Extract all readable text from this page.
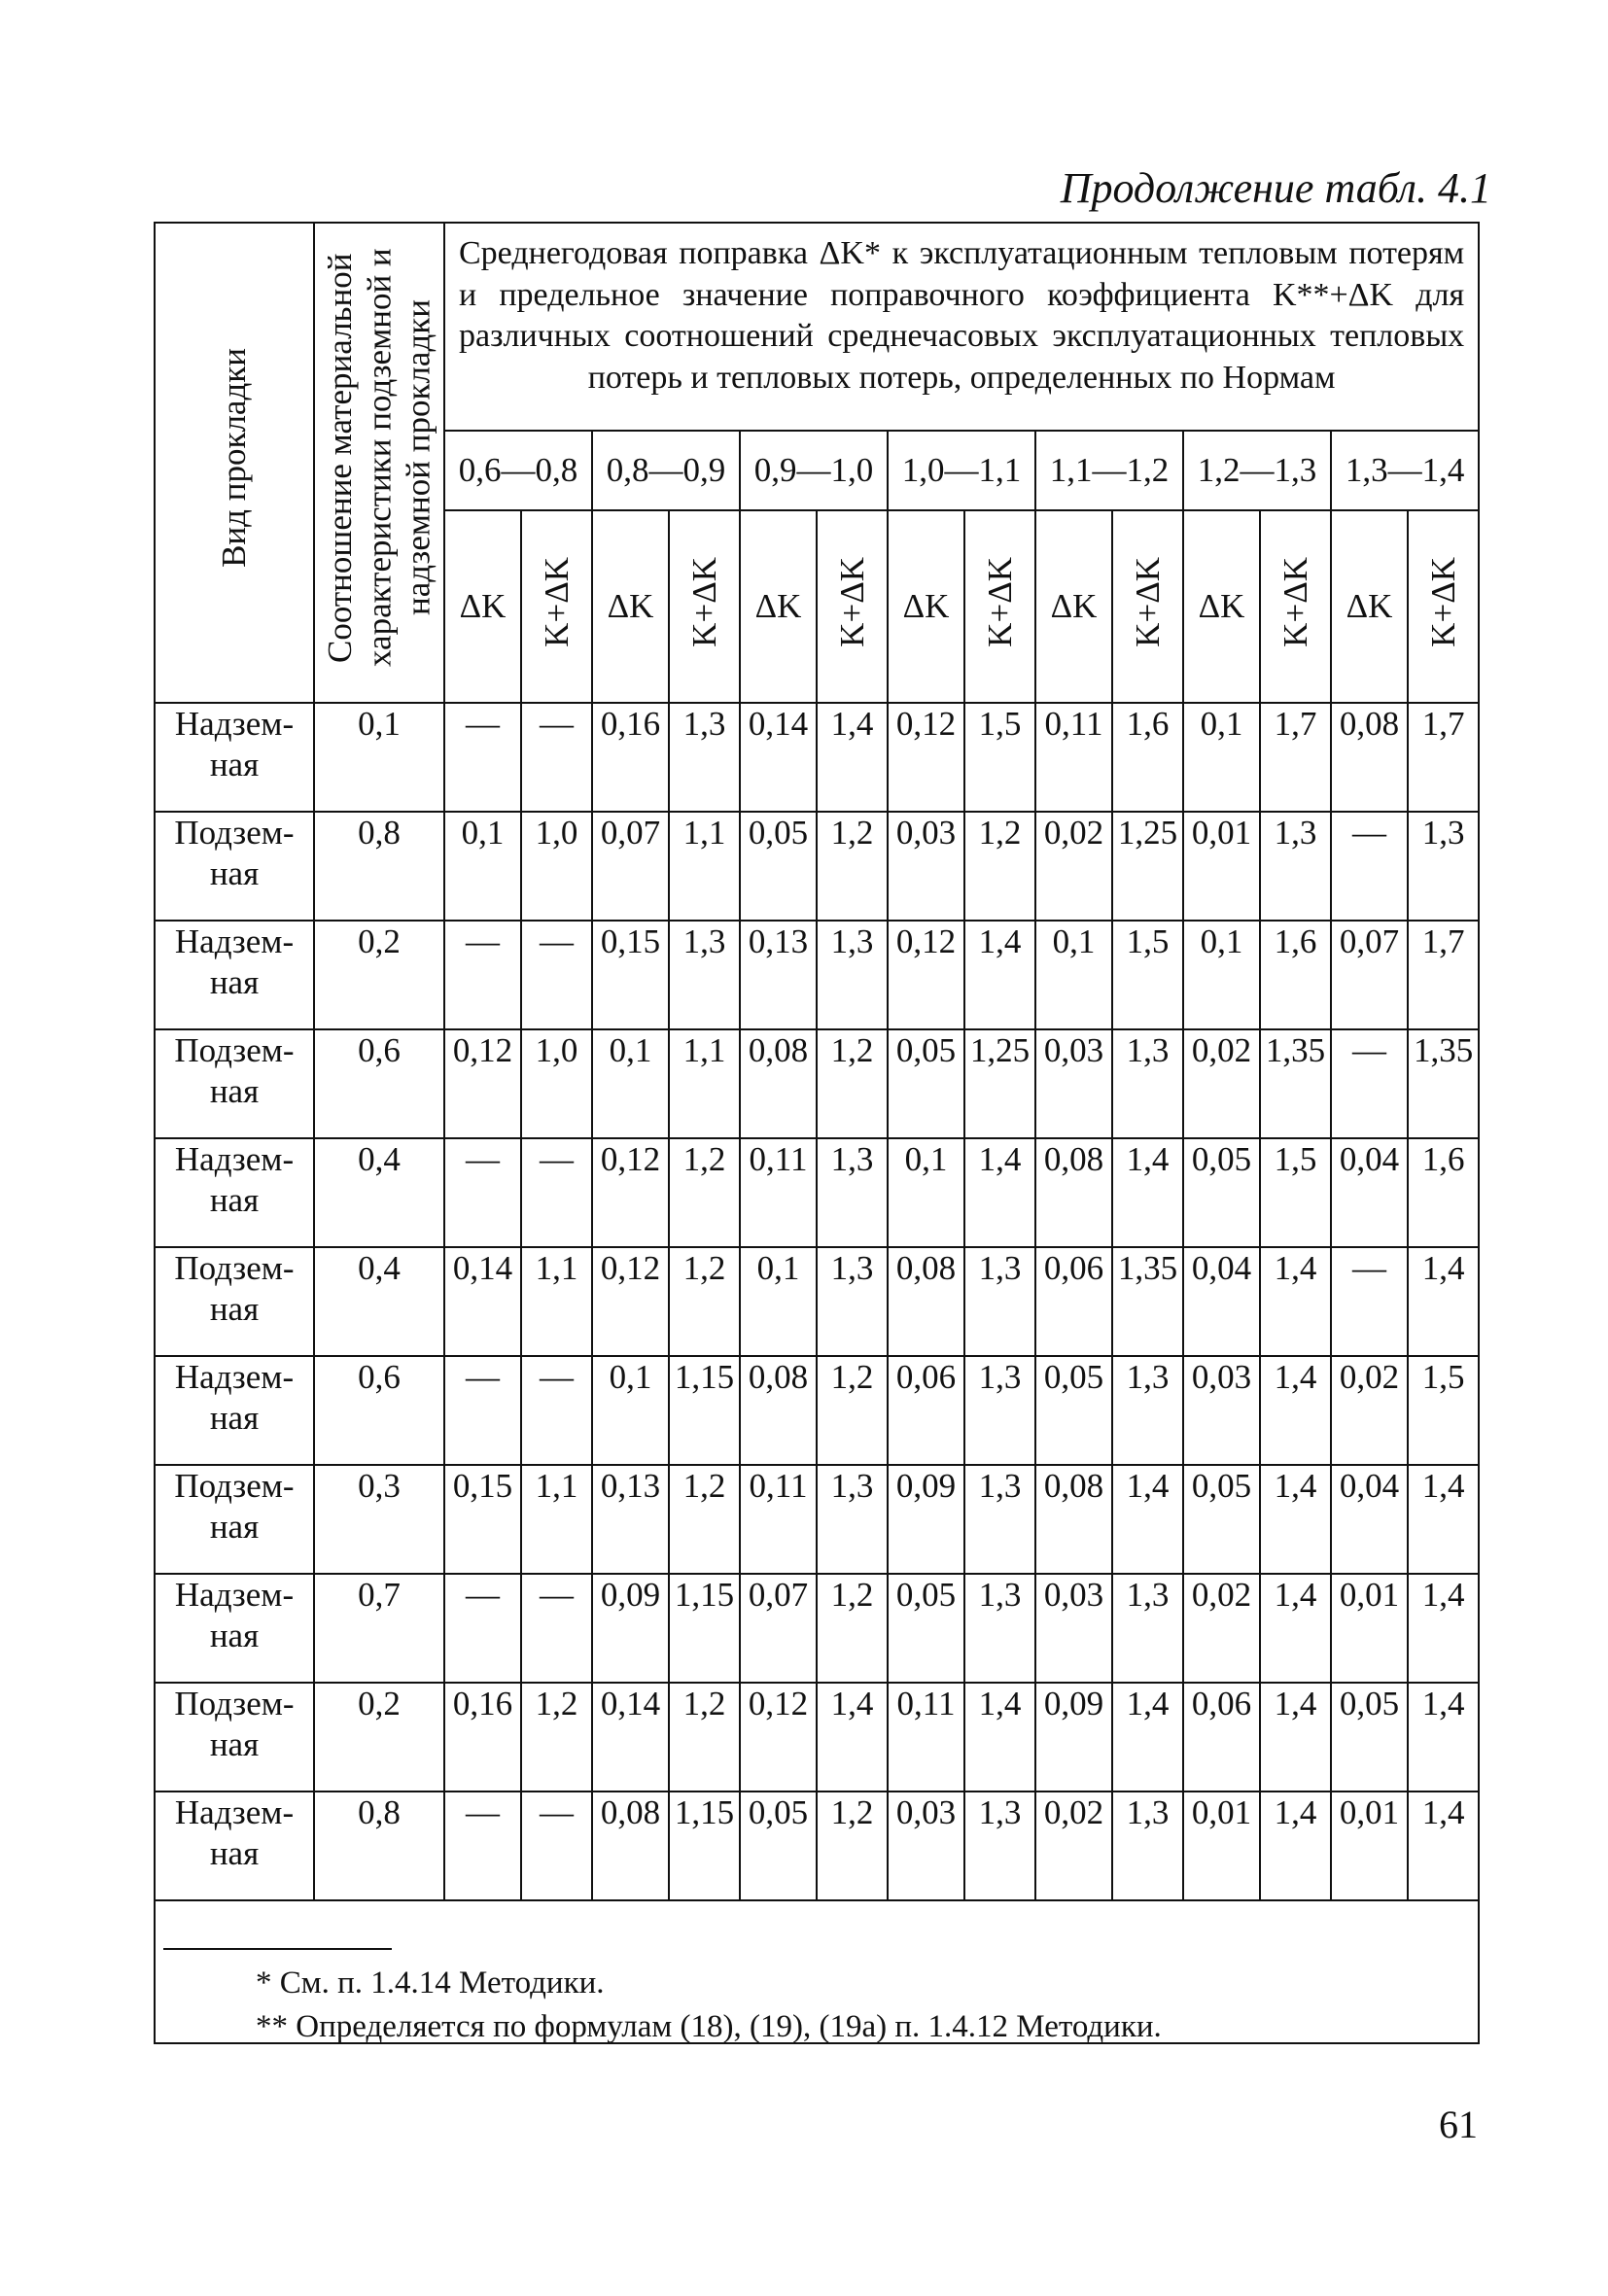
Продолжение табл. 4.1
Вид прокладки	Соотношение материальной характеристики подземной и надземной прокладки	Среднегодовая поправка ΔK* к эксплуатационным тепловым потерям и предельное значение поправочного коэффициента K**+ΔK для различных соотношений среднечасовых эксплуатационных тепловых потерь и тепловых потерь, определенных по Нормам													

		0,6—0,8		0,8—0,9		0,9—1,0		1,0—1,1		1,1—1,2		1,2—1,3		1,3—1,4	
		ΔK	K+ΔK	ΔK	K+ΔK	ΔK	K+ΔK	ΔK	K+ΔK	ΔK	K+ΔK	ΔK	K+ΔK	ΔK	K+ΔK
Надзем-
ная	0,1	—	—	0,16	1,3	0,14	1,4	0,12	1,5	0,11	1,6	0,1	1,7	0,08	1,7
Подзем-
ная	0,8	0,1	1,0	0,07	1,1	0,05	1,2	0,03	1,2	0,02	1,25	0,01	1,3	—	1,3
Надзем-
ная	0,2	—	—	0,15	1,3	0,13	1,3	0,12	1,4	0,1	1,5	0,1	1,6	0,07	1,7
Подзем-
ная	0,6	0,12	1,0	0,1	1,1	0,08	1,2	0,05	1,25	0,03	1,3	0,02	1,35	—	1,35
Надзем-
ная	0,4	—	—	0,12	1,2	0,11	1,3	0,1	1,4	0,08	1,4	0,05	1,5	0,04	1,6
Подзем-
ная	0,4	0,14	1,1	0,12	1,2	0,1	1,3	0,08	1,3	0,06	1,35	0,04	1,4	—	1,4
Надзем-
ная	0,6	—	—	0,1	1,15	0,08	1,2	0,06	1,3	0,05	1,3	0,03	1,4	0,02	1,5
Подзем-
ная	0,3	0,15	1,1	0,13	1,2	0,11	1,3	0,09	1,3	0,08	1,4	0,05	1,4	0,04	1,4
Надзем-
ная	0,7	—	—	0,09	1,15	0,07	1,2	0,05	1,3	0,03	1,3	0,02	1,4	0,01	1,4
Подзем-
ная	0,2	0,16	1,2	0,14	1,2	0,12	1,4	0,11	1,4	0,09	1,4	0,06	1,4	0,05	1,4
Надзем-
ная	0,8	—	—	0,08	1,15	0,05	1,2	0,03	1,3	0,02	1,3	0,01	1,4	0,01	1,4
* См. п. 1.4.14 Методики.
** Определяется по формулам (18), (19), (19а) п. 1.4.12 Методики.
61
